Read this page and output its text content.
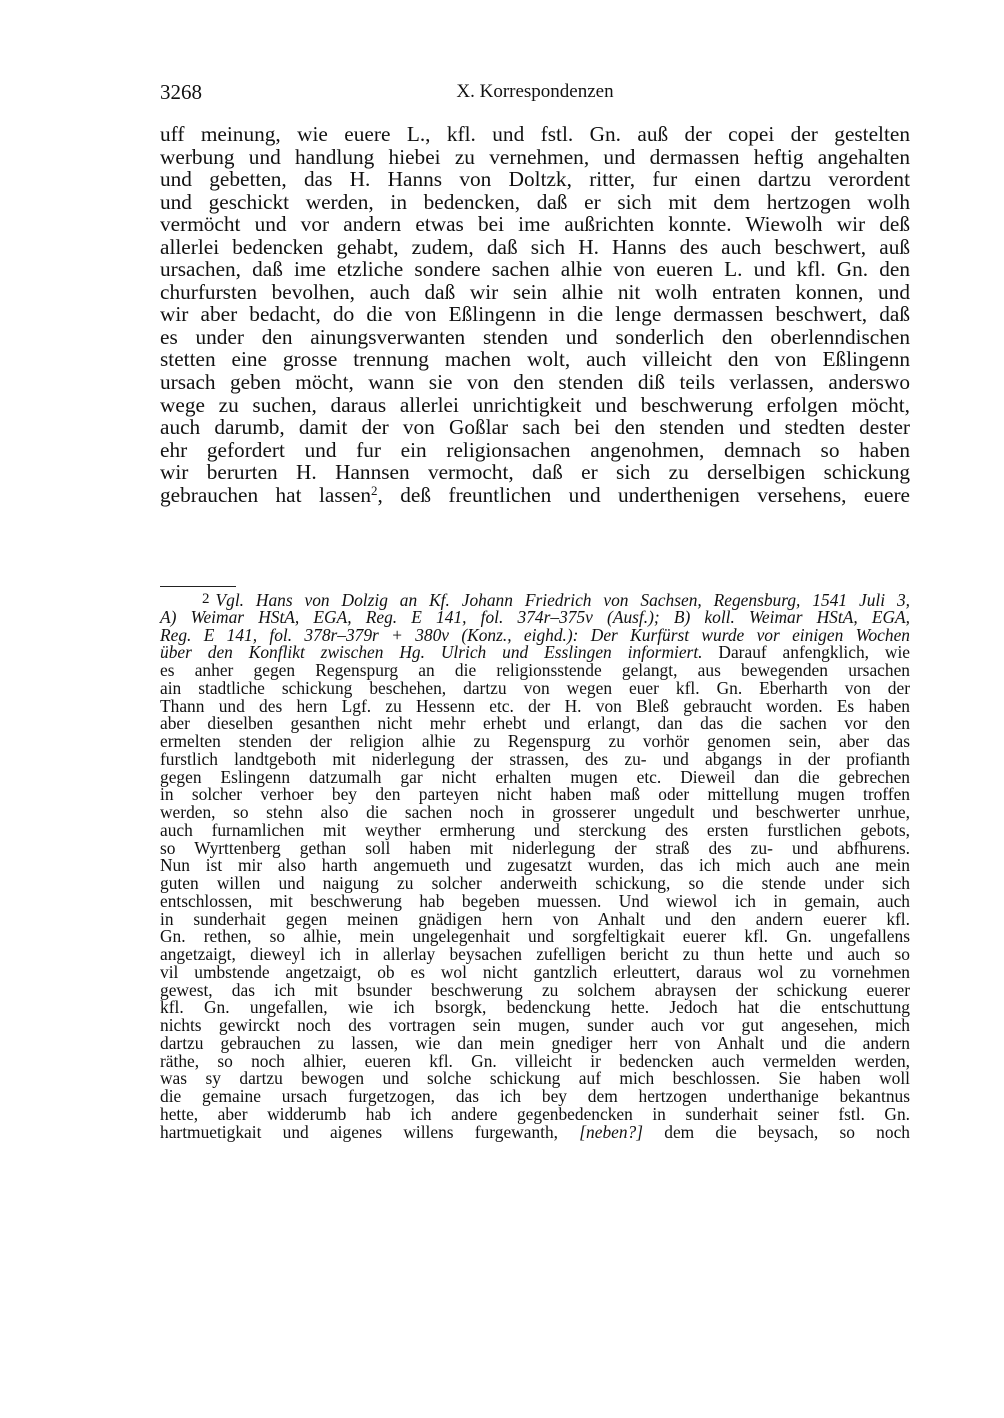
3268	X. Korrespondenzen
uff meinung, wie euere L., kfl. und fstl. Gn. auß der copei der gestelten
werbung und handlung hiebei zu vernehmen, und dermassen heftig angehalten
und gebetten, das H. Hanns von Doltzk, ritter, fur einen dartzu verordent
und geschickt werden, in bedencken, daß er sich mit dem hertzogen wolh
vermöcht und vor andern etwas bei ime außrichten konnte. Wiewolh wir deß
allerlei bedencken gehabt, zudem, daß sich H. Hanns des auch beschwert, auß
ursachen, daß ime etzliche sondere sachen alhie von eueren L. und kfl. Gn. den
churfursten bevolhen, auch daß wir sein alhie nit wolh entraten konnen, und
wir aber bedacht, do die von Eßlingenn in die lenge dermassen beschwert, daß
es under den ainungsverwanten stenden und sonderlich den oberlenndischen
stetten eine grosse trennung machen wolt, auch villeicht den von Eßlingenn
ursach geben möcht, wann sie von den stenden diß teils verlassen, anderswo
wege zu suchen, daraus allerlei unrichtigkeit und beschwerung erfolgen möcht,
auch darumb, damit der von Goßlar sach bei den stenden und stedten dester
ehr gefordert und fur ein religionsachen angenohmen, demnach so haben
wir berurten H. Hannsen vermocht, daß er sich zu derselbigen schickung
gebrauchen hat lassen$^2$, deß freuntlichen und underthenigen versehens, euere
2 Vgl. Hans von Dolzig an Kf. Johann Friedrich von Sachsen, Regensburg, 1541 Juli 3,
A) Weimar HStA, EGA, Reg. E 141, fol. 374r–375v (Ausf.); B) koll. Weimar HStA, EGA,
Reg. E 141, fol. 378r–379r + 380v (Konz., eighd.): Der Kurfürst wurde vor einigen Wochen
über den Konflikt zwischen Hg. Ulrich und Esslingen informiert. Darauf anfengklich, wie
es anher gegen Regenspurg an die religionsstende gelangt, aus bewegenden ursachen
ain stadtliche schickung beschehen, dartzu von wegen euer kfl. Gn. Eberharth von der
Thann und des hern Lgf. zu Hessenn etc. der H. von Bleß gebraucht worden. Es haben
aber dieselben gesanthen nicht mehr erhebt und erlangt, dan das die sachen vor den
ermelten stenden der religion alhie zu Regenspurg zu vorhör genomen sein, aber das
furstlich landtgeboth mit niderlegung der strassen, des zu- und abgangs in der profianth
gegen Eslingenn datzumalh gar nicht erhalten mugen etc. Dieweil dan die gebrechen
in solcher verhoer bey den parteyen nicht haben maß oder mittellung mugen troffen
werden, so stehn also die sachen noch in grosserer ungedult und beschwerter unrhue,
auch furnamlichen mit weyther ermherung und sterckung des ersten furstlichen gebots,
so Wyrttenberg gethan soll haben mit niderlegung der straß des zu- und abfhurens.
Nun ist mir also harth angemueth und zugesatzt wurden, das ich mich auch ane mein
guten willen und naigung zu solcher anderweith schickung, so die stende under sich
entschlossen, mit beschwerung hab begeben muessen. Und wiewol ich in gemain, auch
in sunderhait gegen meinen gnädigen hern von Anhalt und den andern euerer kfl.
Gn. rethen, so alhie, mein ungelegenhait und sorgfeltigkait euerer kfl. Gn. ungefallens
angetzaigt, dieweyl ich in allerlay beysachen zufelligen bericht zu thun hette und auch so
vil umbstende angetzaigt, ob es wol nicht gantzlich erleuttert, daraus wol zu vornehmen
gewest, das ich mit bsunder beschwerung zu solchem abraysen der schickung euerer
kfl. Gn. ungefallen, wie ich bsorgk, bedenckung hette. Jedoch hat die entschuttung
nichts gewirckt noch des vortragen sein mugen, sunder auch vor gut angesehen, mich
dartzu gebrauchen zu lassen, wie dan mein gnediger herr von Anhalt und die andern
räthe, so noch alhier, eueren kfl. Gn. villeicht ir bedencken auch vermelden werden,
was sy dartzu bewogen und solche schickung auf mich beschlossen. Sie haben woll
die gemaine ursach furgetzogen, das ich bey dem hertzogen underthanige bekantnus
hette, aber widderumb hab ich andere gegenbedencken in sunderhait seiner fstl. Gn.
hartmuetigkait und aigenes willens furgewanth, [neben?] dem die beysach, so noch
